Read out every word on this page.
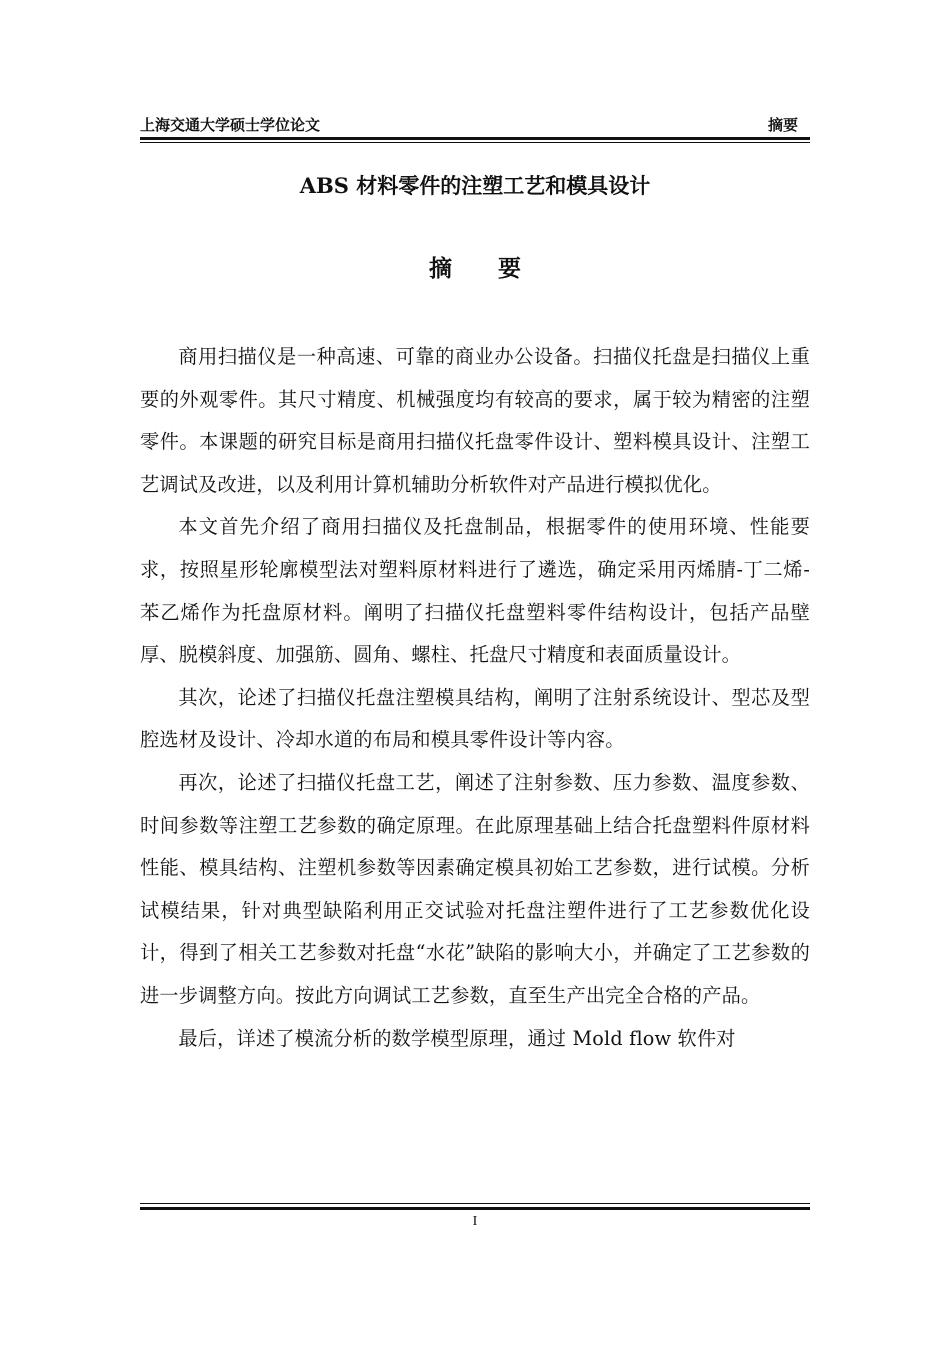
上海交通大学硕士学位论文	摘要
ABS 材料零件的注塑工艺和模具设计
摘　　要

商用扫描仪是一种高速、可靠的商业办公设备。扫描仪托盘是扫描仪上重要的外观零件。其尺寸精度、机械强度均有较高的要求，属于较为精密的注塑零件。本课题的研究目标是商用扫描仪托盘零件设计、塑料模具设计、注塑工艺调试及改进，以及利用计算机辅助分析软件对产品进行模拟优化。

本文首先介绍了商用扫描仪及托盘制品，根据零件的使用环境、性能要求，按照星形轮廓模型法对塑料原材料进行了遴选，确定采用丙烯腈-丁二烯-苯乙烯作为托盘原材料。阐明了扫描仪托盘塑料零件结构设计，包括产品壁厚、脱模斜度、加强筋、圆角、螺柱、托盘尺寸精度和表面质量设计。

其次，论述了扫描仪托盘注塑模具结构，阐明了注射系统设计、型芯及型腔选材及设计、冷却水道的布局和模具零件设计等内容。

再次，论述了扫描仪托盘工艺，阐述了注射参数、压力参数、温度参数、时间参数等注塑工艺参数的确定原理。在此原理基础上结合托盘塑料件原材料性能、模具结构、注塑机参数等因素确定模具初始工艺参数，进行试模。分析试模结果，针对典型缺陷利用正交试验对托盘注塑件进行了工艺参数优化设计，得到了相关工艺参数对托盘“水花”缺陷的影响大小，并确定了工艺参数的进一步调整方向。按此方向调试工艺参数，直至生产出完全合格的产品。

最后，详述了模流分析的数学模型原理，通过 Mold flow 软件对

I
